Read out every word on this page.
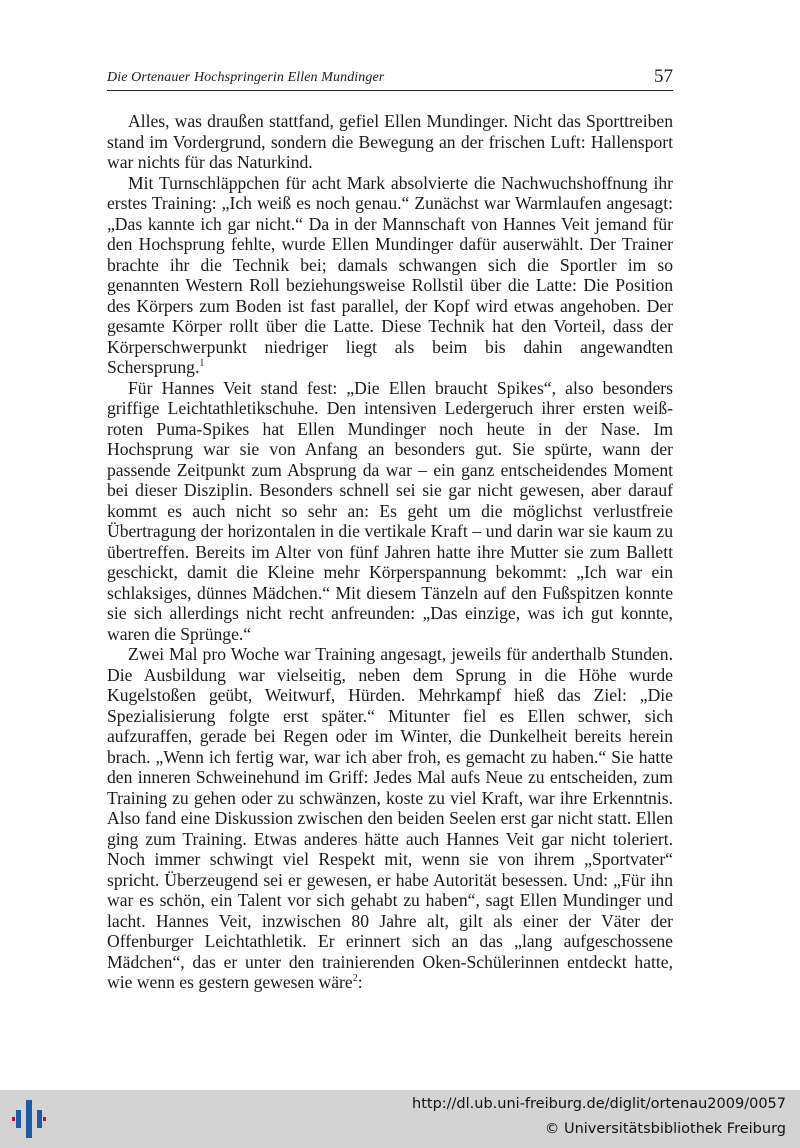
Die Ortenauer Hochspringerin Ellen Mundinger	57

Alles, was draußen stattfand, gefiel Ellen Mundinger. Nicht das Sporttreiben stand im Vordergrund, sondern die Bewegung an der frischen Luft: Hallensport war nichts für das Naturkind.

Mit Turnschläppchen für acht Mark absolvierte die Nachwuchshoffnung ihr erstes Training: „Ich weiß es noch genau.“ Zunächst war Warmlaufen angesagt: „Das kannte ich gar nicht.“ Da in der Mannschaft von Hannes Veit jemand für den Hochsprung fehlte, wurde Ellen Mundinger dafür auserwählt. Der Trainer brachte ihr die Technik bei; damals schwangen sich die Sportler im so genannten Western Roll beziehungsweise Rollstil über die Latte: Die Position des Körpers zum Boden ist fast parallel, der Kopf wird etwas angehoben. Der gesamte Körper rollt über die Latte. Diese Technik hat den Vorteil, dass der Körperschwerpunkt niedriger liegt als beim bis dahin angewandten Schersprung.$^1$

Für Hannes Veit stand fest: „Die Ellen braucht Spikes“, also besonders griffige Leichtathletikschuhe. Den intensiven Ledergeruch ihrer ersten weiß-roten Puma-Spikes hat Ellen Mundinger noch heute in der Nase. Im Hochsprung war sie von Anfang an besonders gut. Sie spürte, wann der passende Zeitpunkt zum Absprung da war – ein ganz entscheidendes Moment bei dieser Disziplin. Besonders schnell sei sie gar nicht gewesen, aber darauf kommt es auch nicht so sehr an: Es geht um die möglichst verlustfreie Übertragung der horizontalen in die vertikale Kraft – und darin war sie kaum zu übertreffen. Bereits im Alter von fünf Jahren hatte ihre Mutter sie zum Ballett geschickt, damit die Kleine mehr Körperspannung bekommt: „Ich war ein schlaksiges, dünnes Mädchen.“ Mit diesem Tänzeln auf den Fußspitzen konnte sie sich allerdings nicht recht anfreunden: „Das einzige, was ich gut konnte, waren die Sprünge.“

Zwei Mal pro Woche war Training angesagt, jeweils für anderthalb Stunden. Die Ausbildung war vielseitig, neben dem Sprung in die Höhe wurde Kugelstoßen geübt, Weitwurf, Hürden. Mehrkampf hieß das Ziel: „Die Spezialisierung folgte erst später.“ Mitunter fiel es Ellen schwer, sich aufzuraffen, gerade bei Regen oder im Winter, die Dunkelheit bereits herein brach. „Wenn ich fertig war, war ich aber froh, es gemacht zu haben.“ Sie hatte den inneren Schweinehund im Griff: Jedes Mal aufs Neue zu entscheiden, zum Training zu gehen oder zu schwänzen, koste zu viel Kraft, war ihre Erkenntnis. Also fand eine Diskussion zwischen den beiden Seelen erst gar nicht statt. Ellen ging zum Training. Etwas anderes hätte auch Hannes Veit gar nicht toleriert. Noch immer schwingt viel Respekt mit, wenn sie von ihrem „Sportvater“ spricht. Überzeugend sei er gewesen, er habe Autorität besessen. Und: „Für ihn war es schön, ein Talent vor sich gehabt zu haben“, sagt Ellen Mundinger und lacht. Hannes Veit, inzwischen 80 Jahre alt, gilt als einer der Väter der Offenburger Leichtathletik. Er erinnert sich an das „lang aufgeschossene Mädchen“, das er unter den trainierenden Oken-Schülerinnen entdeckt hatte, wie wenn es gestern gewesen wäre$^2$:

http://dl.ub.uni-freiburg.de/diglit/ortenau2009/0057
© Universitätsbibliothek Freiburg
